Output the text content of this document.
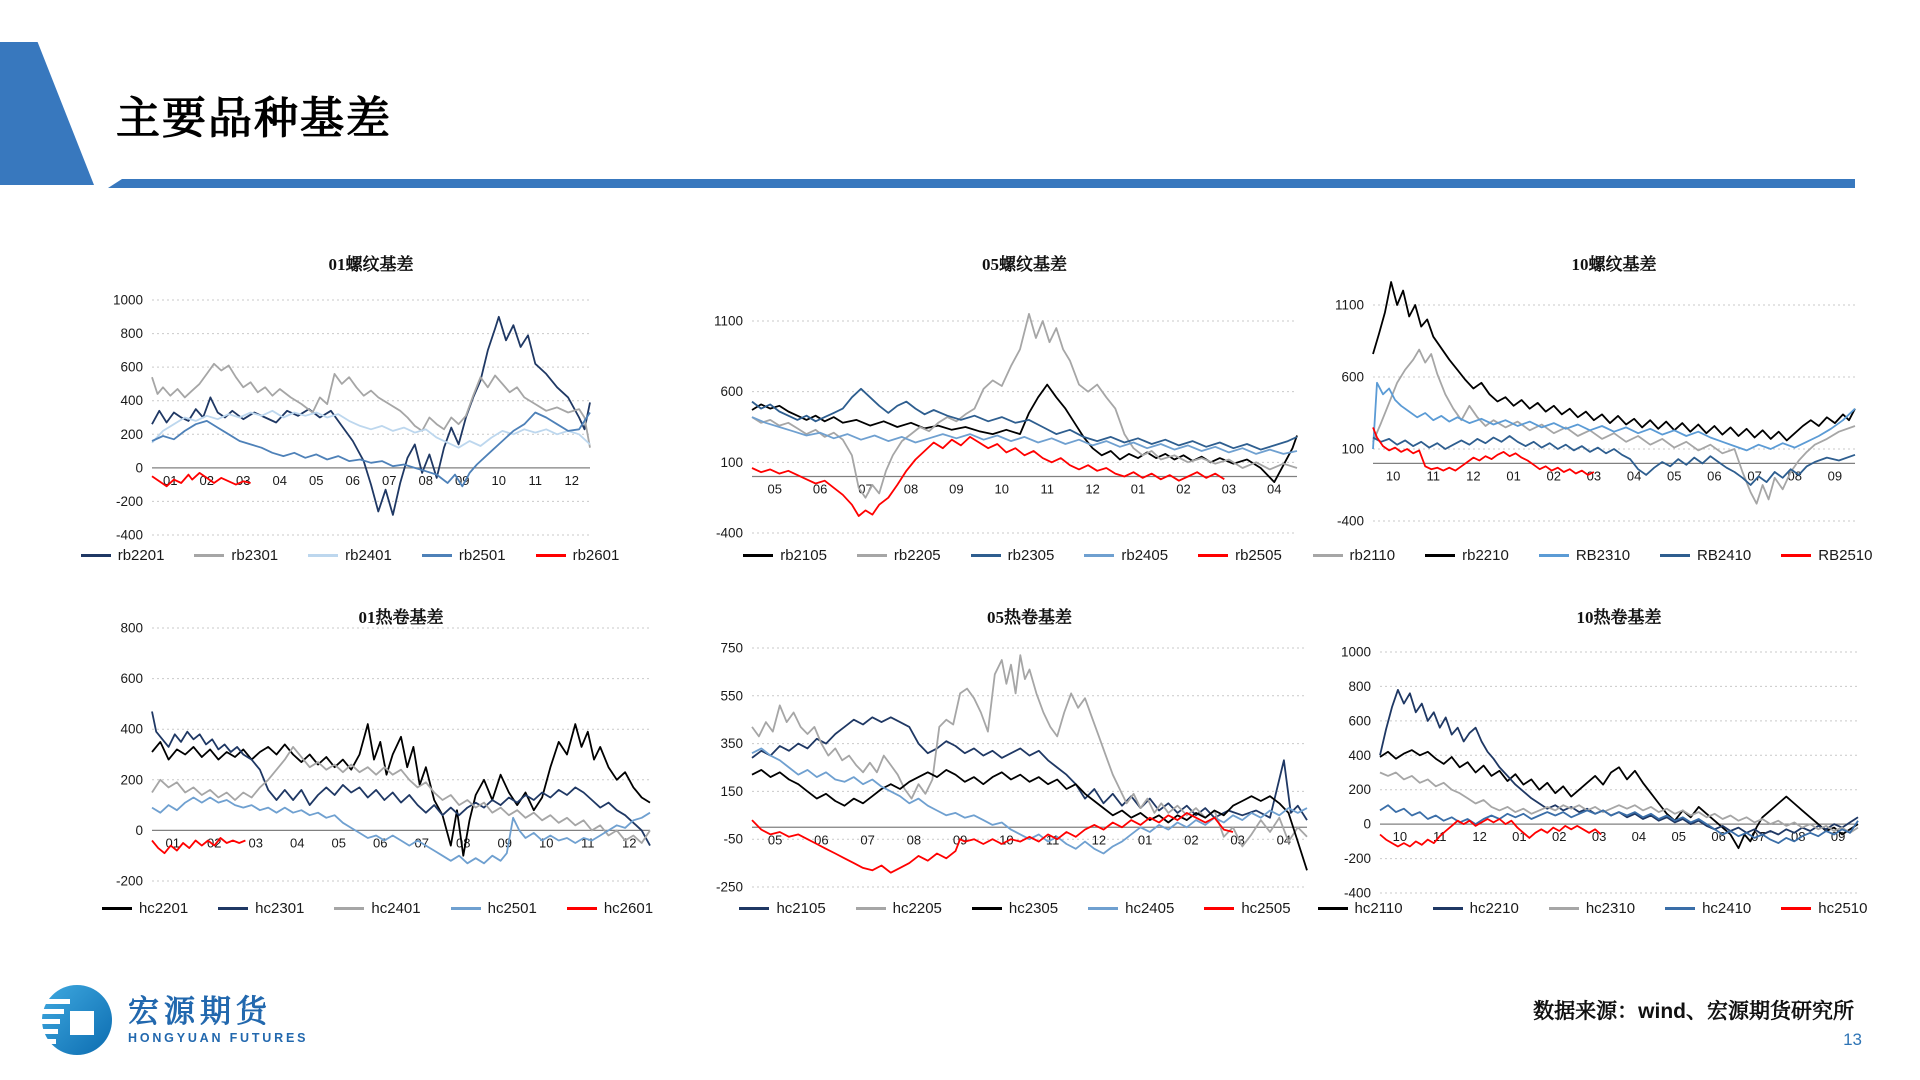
主要品种基差
01螺纹基差
1000
800
600
400
200
0
-200
-400
01 02 03 04 05 06 07 08 09 10 11 12
rb2201	rb2301	rb2401	rb2501	rb2601
05螺纹基差
1100
600
100
-400
05 06 07 08 09 10 11 12 01 02 03 04
rb2105	rb2205	rb2305	rb2405	rb2505
10螺纹基差
1100
600
100
-400
10 11 12 01 02 03 04 05 06 07 08 09
rb2110	rb2210	RB2310	RB2410	RB2510
01热卷基差
800
600
400
200
0
-200
01 02 03 04 05 06 07 08 09 10 11 12
hc2201	hc2301	hc2401	hc2501	hc2601
05热卷基差
750
550
350
150
-50
-250
05 06 07 08 09 10 11 12 01 02 03 04
hc2105	hc2205	hc2305	hc2405	hc2505
10热卷基差
1000
800
600
400
200
0
-200
-400
10 11 12 01 02 03 04 05 06 07 08 09
hc2110	hc2210	hc2310	hc2410	hc2510
宏源期货
HONGYUAN FUTURES
数据来源：wind、宏源期货研究所
13
